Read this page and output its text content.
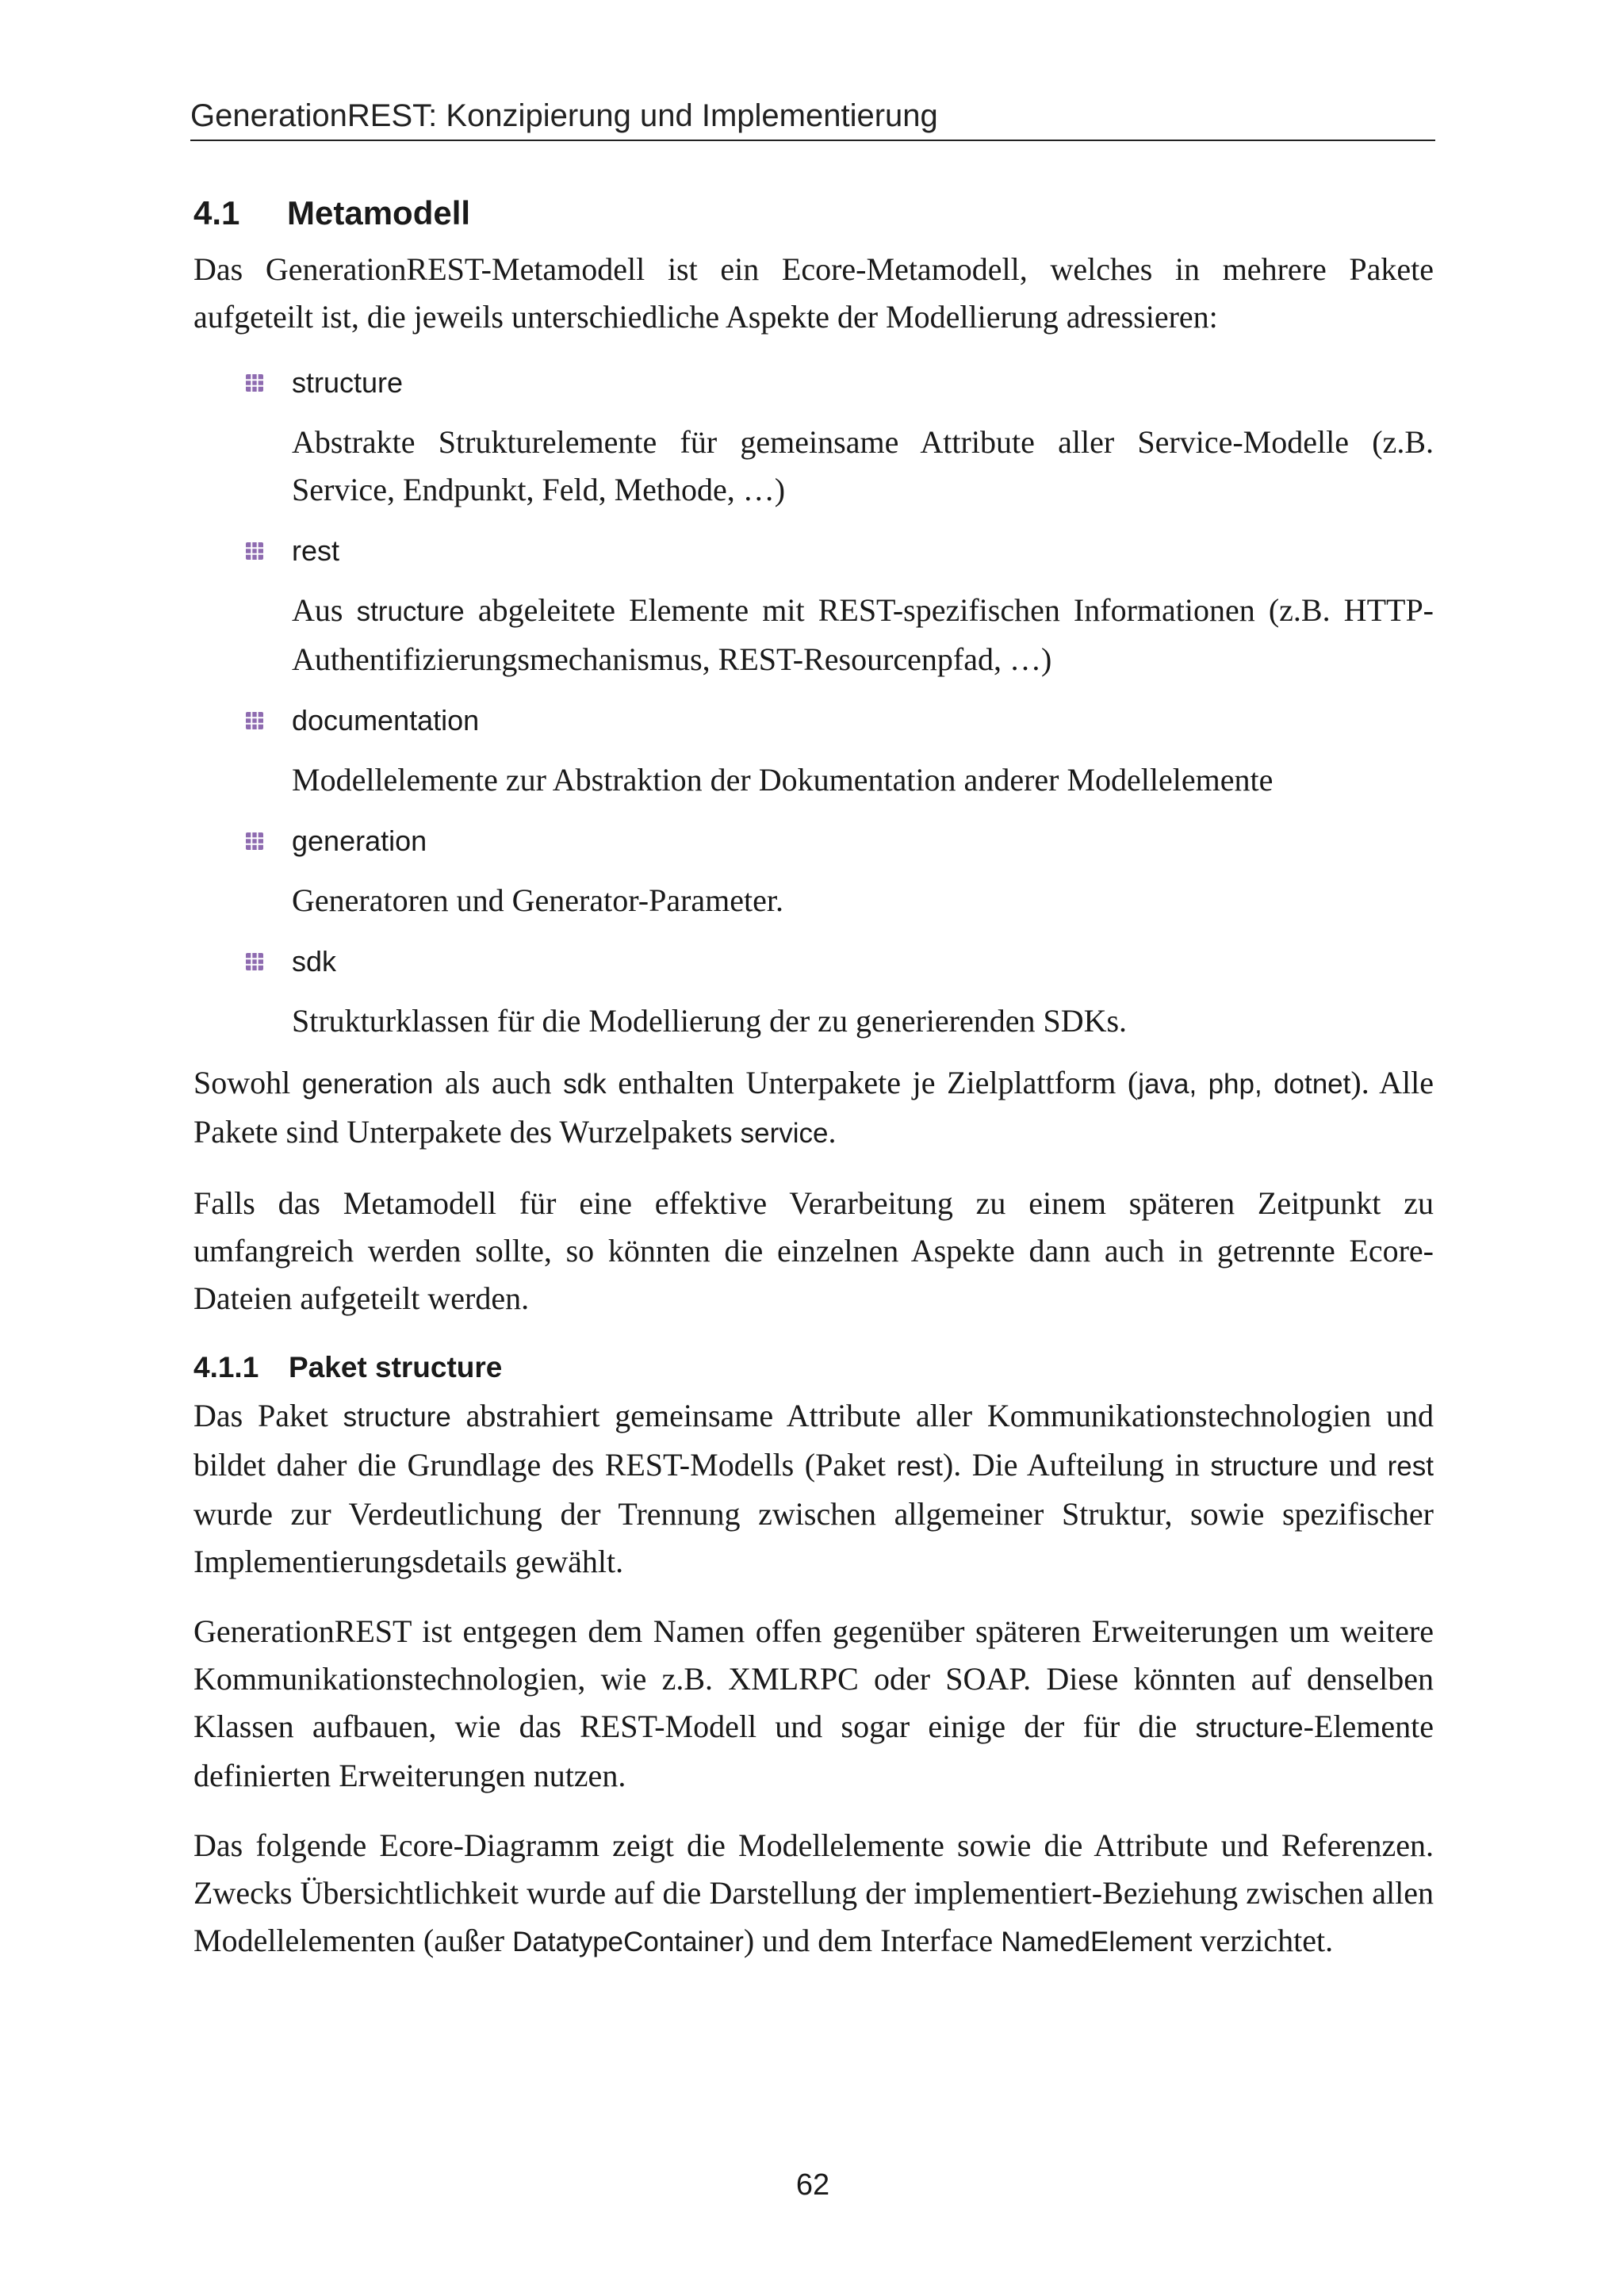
GenerationREST: Konzipierung und Implementierung
4.1	Metamodell

Das GenerationREST-Metamodell ist ein Ecore-Metamodell, welches in mehrere Pakete aufgeteilt ist, die jeweils unterschiedliche Aspekte der Modellierung adressieren:

structure
Abstrakte Strukturelemente für gemeinsame Attribute aller Service-Modelle (z.B. Service, Endpunkt, Feld, Methode, …)
rest
Aus structure abgeleitete Elemente mit REST-spezifischen Informationen (z.B. HTTP-Authentifizierungsmechanismus, REST-Resourcenpfad, …)
documentation
Modellelemente zur Abstraktion der Dokumentation anderer Modellelemente
generation
Generatoren und Generator-Parameter.
sdk
Strukturklassen für die Modellierung der zu generierenden SDKs.

Sowohl generation als auch sdk enthalten Unterpakete je Zielplattform (java, php, dotnet). Alle Pakete sind Unterpakete des Wurzelpakets service.

Falls das Metamodell für eine effektive Verarbeitung zu einem späteren Zeitpunkt zu umfangreich werden sollte, so könnten die einzelnen Aspekte dann auch in getrennte Ecore-Dateien aufgeteilt werden.

4.1.1 Paket structure

Das Paket structure abstrahiert gemeinsame Attribute aller Kommunikationstechnologien und bildet daher die Grundlage des REST-Modells (Paket rest). Die Aufteilung in structure und rest wurde zur Verdeutlichung der Trennung zwischen allgemeiner Struktur, sowie spezifischer Implementierungsdetails gewählt.

GenerationREST ist entgegen dem Namen offen gegenüber späteren Erweiterungen um weitere Kommunikationstechnologien, wie z.B. XMLRPC oder SOAP. Diese könnten auf denselben Klassen aufbauen, wie das REST-Modell und sogar einige der für die structure-Elemente definierten Erweiterungen nutzen.

Das folgende Ecore-Diagramm zeigt die Modellelemente sowie die Attribute und Referenzen. Zwecks Übersichtlichkeit wurde auf die Darstellung der implementiert-Beziehung zwischen allen Modellelementen (außer DatatypeContainer) und dem Interface NamedElement verzichtet.

62
